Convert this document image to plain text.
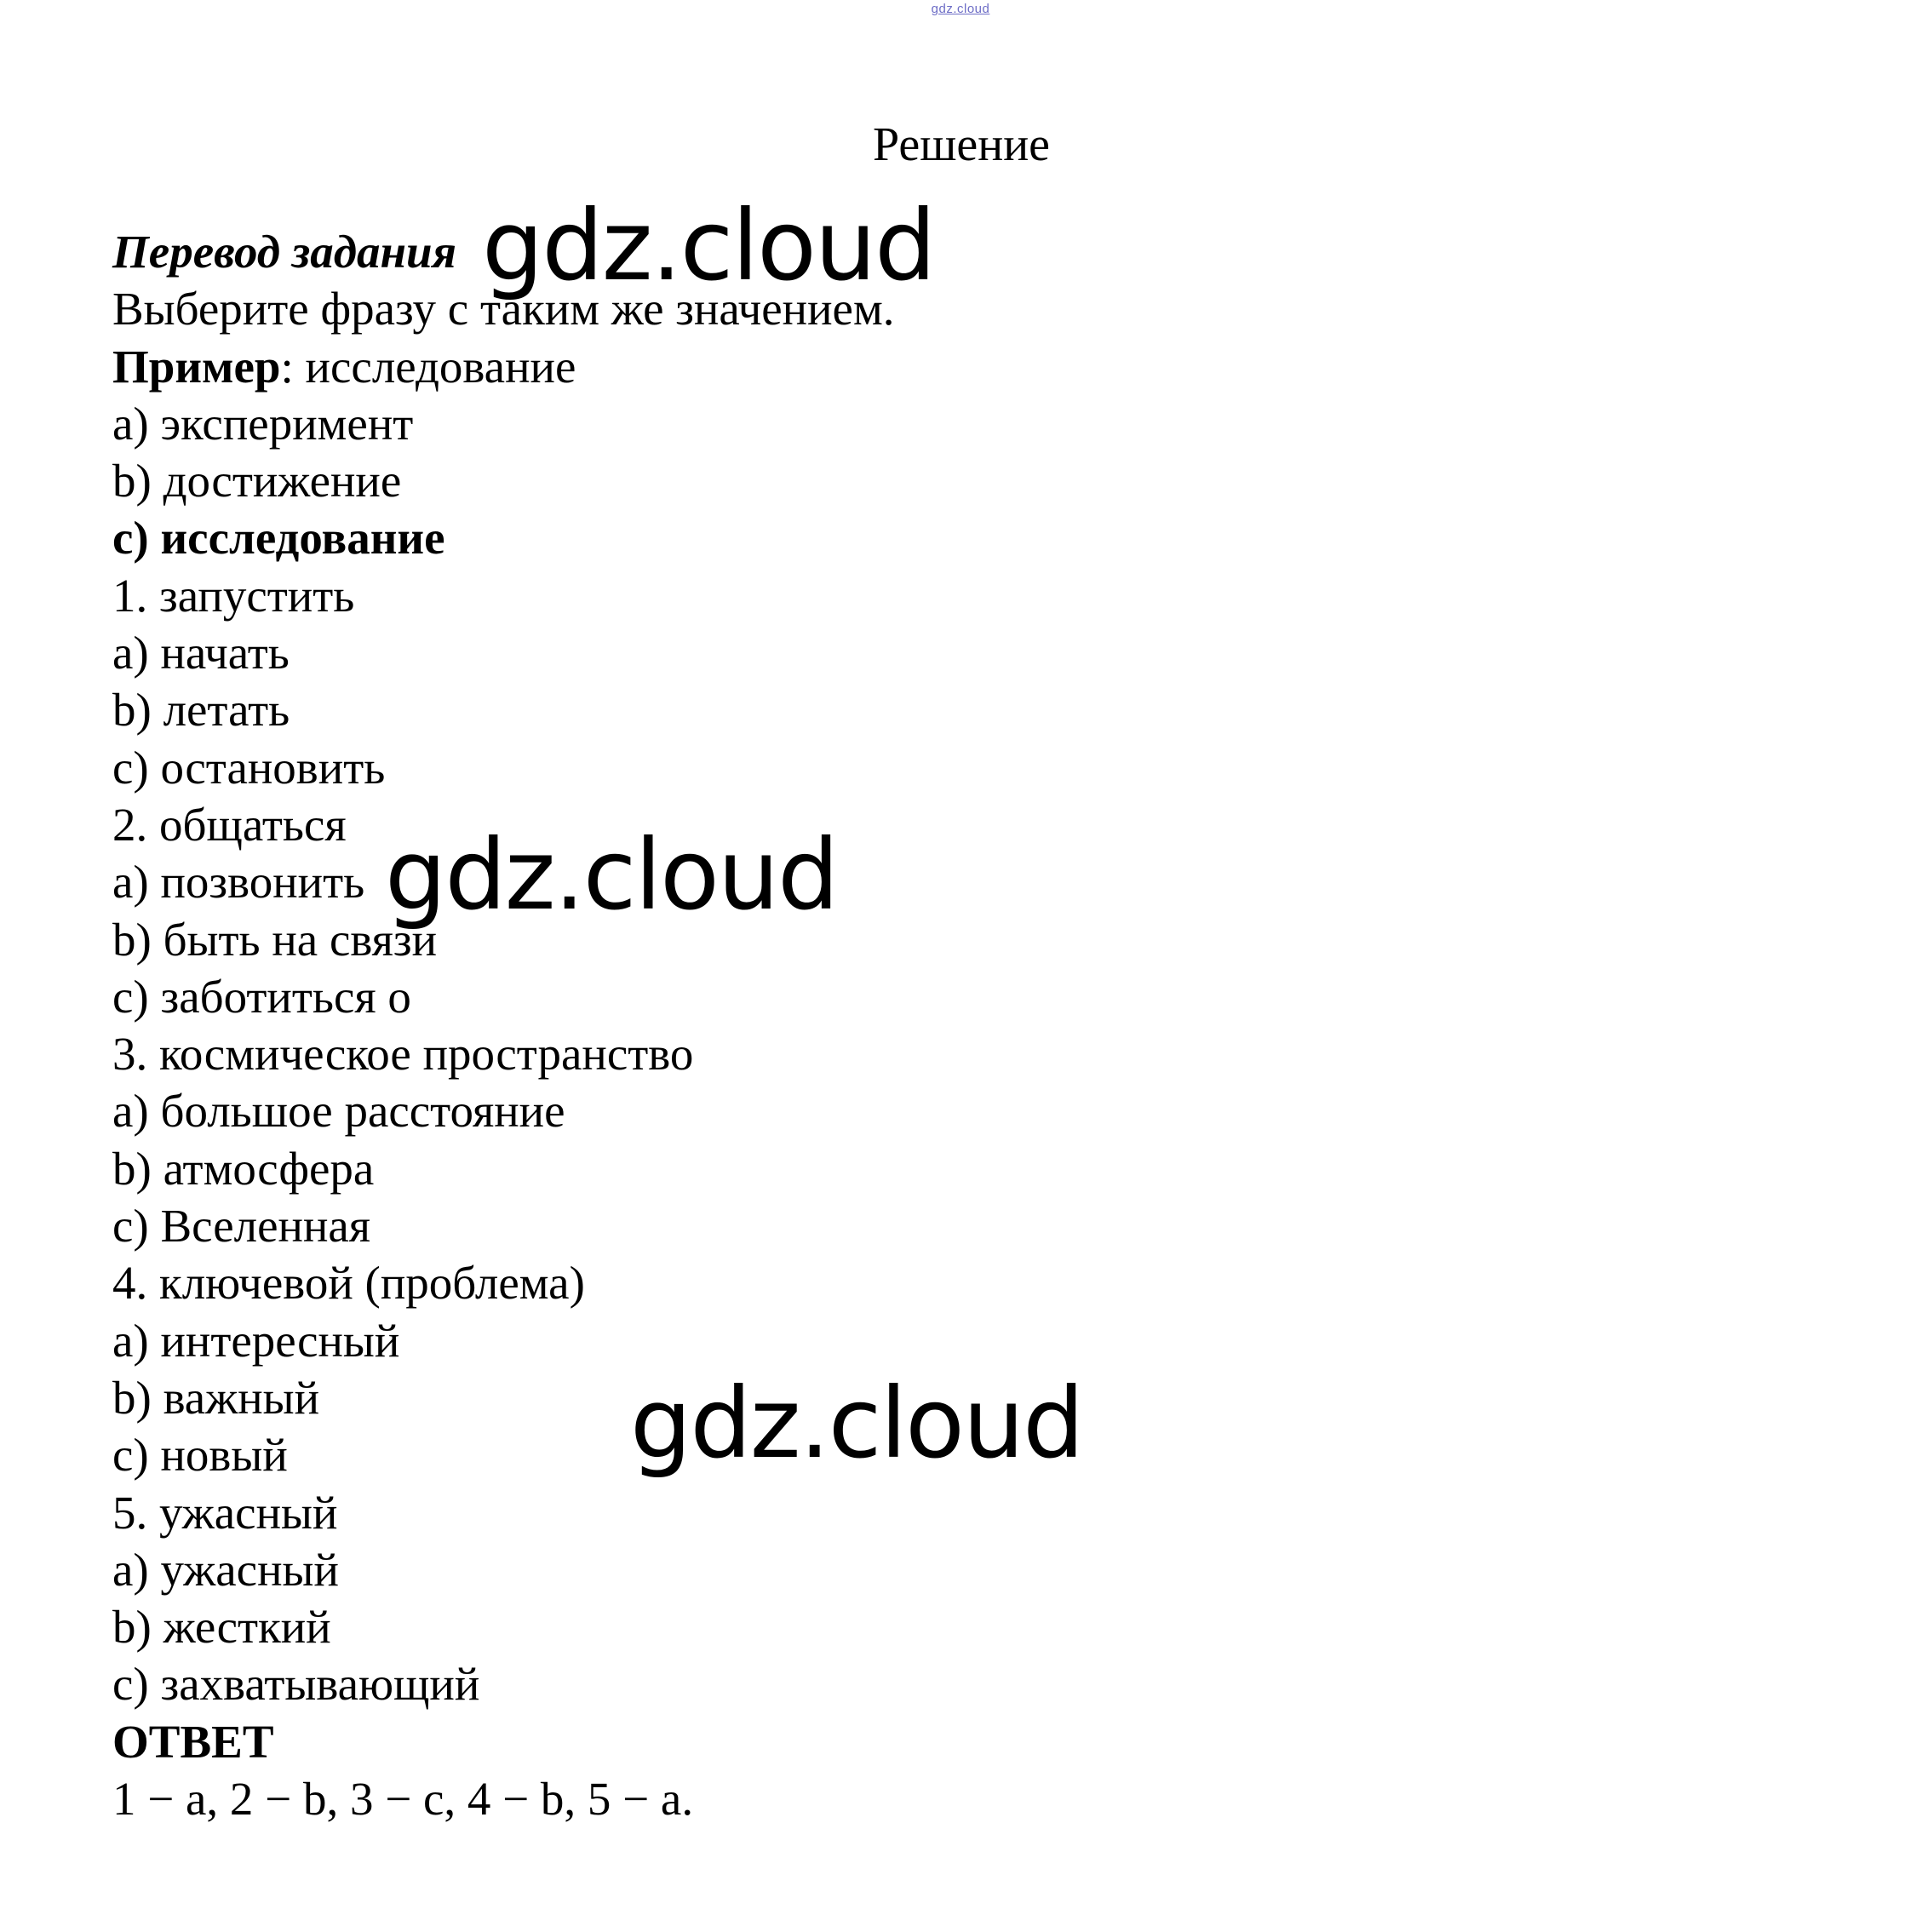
gdz.cloud
Решение
Перевод задания
Выберите фразу с таким же значением.
Пример: исследование
a) эксперимент
b) достижение
c) исследование
1. запустить
a) начать
b) летать
c) остановить
2. общаться
a) позвонить
b) быть на связи
c) заботиться о
3. космическое пространство
a) большое расстояние
b) атмосфера
c) Вселенная
4. ключевой (проблема)
a) интересный
b) важный
c) новый
5. ужасный
a) ужасный
b) жесткий
c) захватывающий
ОТВЕТ
1 − a, 2 − b, 3 − c, 4 − b, 5 − a.
gdz.cloud
gdz.cloud
gdz.cloud
